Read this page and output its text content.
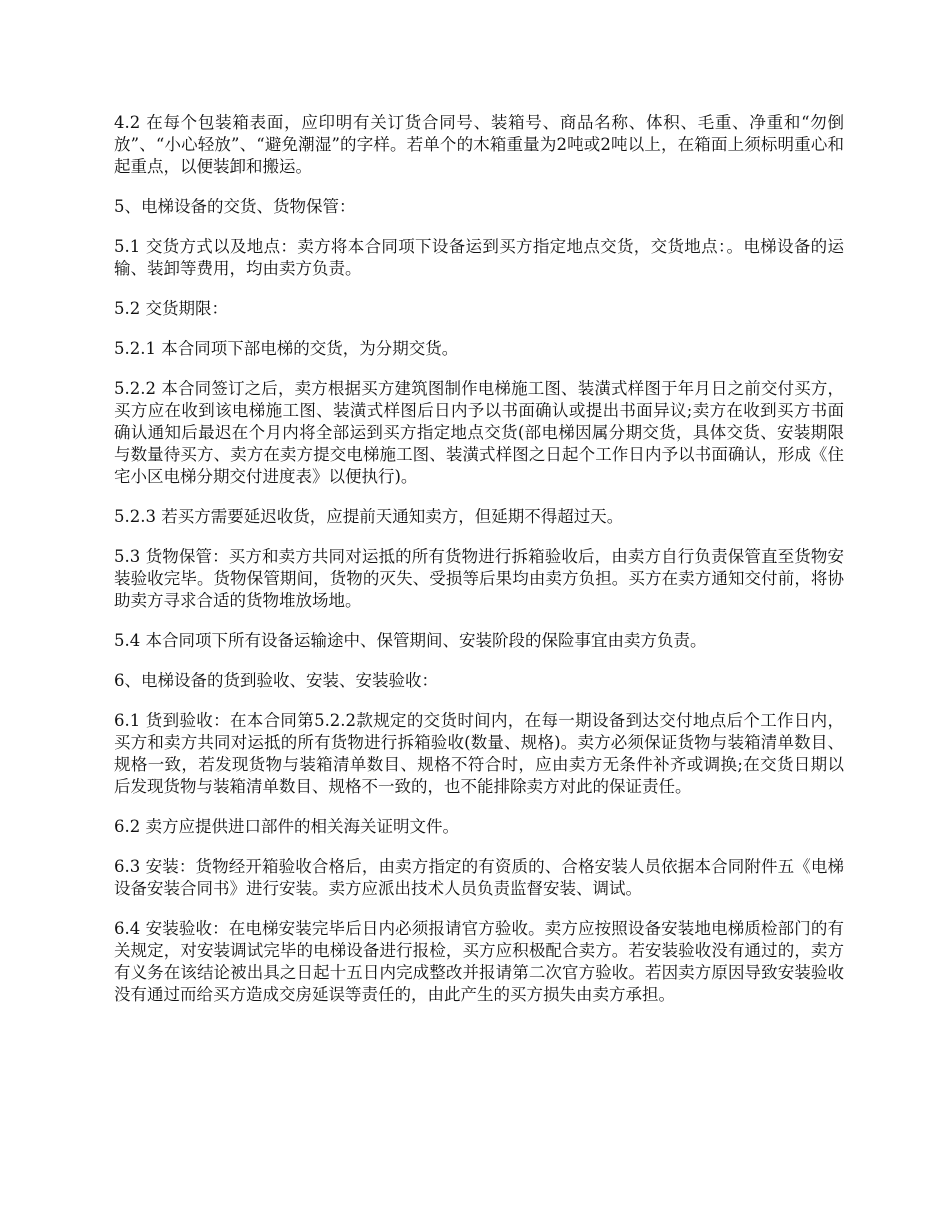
4.2 在每个包装箱表面，应印明有关订货合同号、装箱号、商品名称、体积、毛重、净重和“勿倒放”、“小心轻放”、“避免潮湿”的字样。若单个的木箱重量为2吨或2吨以上，在箱面上须标明重心和起重点，以便装卸和搬运。

5、电梯设备的交货、货物保管：

5.1 交货方式以及地点：卖方将本合同项下设备运到买方指定地点交货，交货地点：。电梯设备的运输、装卸等费用，均由卖方负责。

5.2 交货期限：

5.2.1 本合同项下部电梯的交货，为分期交货。

5.2.2 本合同签订之后，卖方根据买方建筑图制作电梯施工图、装潢式样图于年月日之前交付买方，买方应在收到该电梯施工图、装潢式样图后日内予以书面确认或提出书面异议;卖方在收到买方书面确认通知后最迟在个月内将全部运到买方指定地点交货(部电梯因属分期交货，具体交货、安装期限与数量待买方、卖方在卖方提交电梯施工图、装潢式样图之日起个工作日内予以书面确认，形成《住宅小区电梯分期交付进度表》以便执行)。

5.2.3 若买方需要延迟收货，应提前天通知卖方，但延期不得超过天。

5.3 货物保管：买方和卖方共同对运抵的所有货物进行拆箱验收后，由卖方自行负责保管直至货物安装验收完毕。货物保管期间，货物的灭失、受损等后果均由卖方负担。买方在卖方通知交付前，将协助卖方寻求合适的货物堆放场地。

5.4 本合同项下所有设备运输途中、保管期间、安装阶段的保险事宜由卖方负责。

6、电梯设备的货到验收、安装、安装验收：

6.1 货到验收：在本合同第5.2.2款规定的交货时间内，在每一期设备到达交付地点后个工作日内，买方和卖方共同对运抵的所有货物进行拆箱验收(数量、规格)。卖方必须保证货物与装箱清单数目、规格一致，若发现货物与装箱清单数目、规格不符合时，应由卖方无条件补齐或调换;在交货日期以后发现货物与装箱清单数目、规格不一致的，也不能排除卖方对此的保证责任。

6.2 卖方应提供进口部件的相关海关证明文件。

6.3 安装：货物经开箱验收合格后，由卖方指定的有资质的、合格安装人员依据本合同附件五《电梯设备安装合同书》进行安装。卖方应派出技术人员负责监督安装、调试。

6.4 安装验收：在电梯安装完毕后日内必须报请官方验收。卖方应按照设备安装地电梯质检部门的有关规定，对安装调试完毕的电梯设备进行报检，买方应积极配合卖方。若安装验收没有通过的，卖方有义务在该结论被出具之日起十五日内完成整改并报请第二次官方验收。若因卖方原因导致安装验收没有通过而给买方造成交房延误等责任的，由此产生的买方损失由卖方承担。
